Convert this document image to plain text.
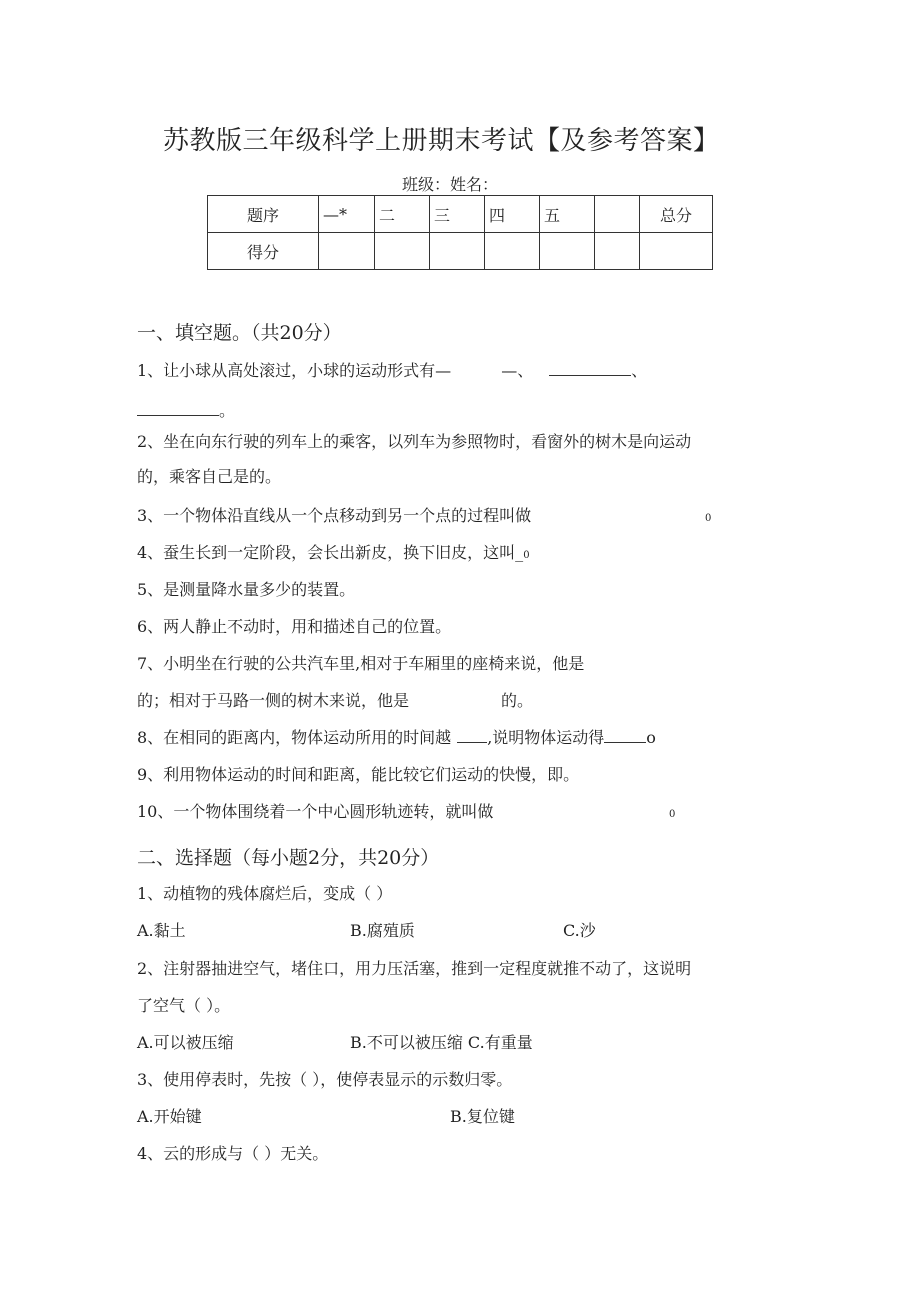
苏教版三年级科学上册期末考试【及参考答案】
班级：姓名：
题序	—*	二	三	四	五		总分
得分							
一、填空题。（共20分）
1、让小球从高处滚过，小球的运动形式有—	—、	、
。
2、坐在向东行驶的列车上的乘客，以列车为参照物时，看窗外的树木是向运动
的，乘客自己是的。
3、一个物体沿直线从一个点移动到另一个点的过程叫做	0
4、蚕生长到一定阶段，会长出新皮，换下旧皮，这叫_0
5、是测量降水量多少的装置。
6、两人静止不动时，用和描述自己的位置。
7、小明坐在行驶的公共汽车里,相对于车厢里的座椅来说，他是
的；相对于马路一侧的树木来说，他是	的。
8、在相同的距离内，物体运动所用的时间越 ,说明物体运动得	o
9、利用物体运动的时间和距离，能比较它们运动的快慢，即。
10、一个物体围绕着一个中心圆形轨迹转，就叫做	0
二、选择题（每小题2分，共20分）
1、动植物的残体腐烂后，变成（ ）
A.黏土	B.腐殖质	C.沙
2、注射器抽进空气，堵住口，用力压活塞，推到一定程度就推不动了，这说明
了空气（ ）。
A.可以被压缩	B.不可以被压缩 C.有重量
3、使用停表时，先按（ ），使停表显示的示数归零。
A.开始键	B.复位键
4、云的形成与（ ）无关。
